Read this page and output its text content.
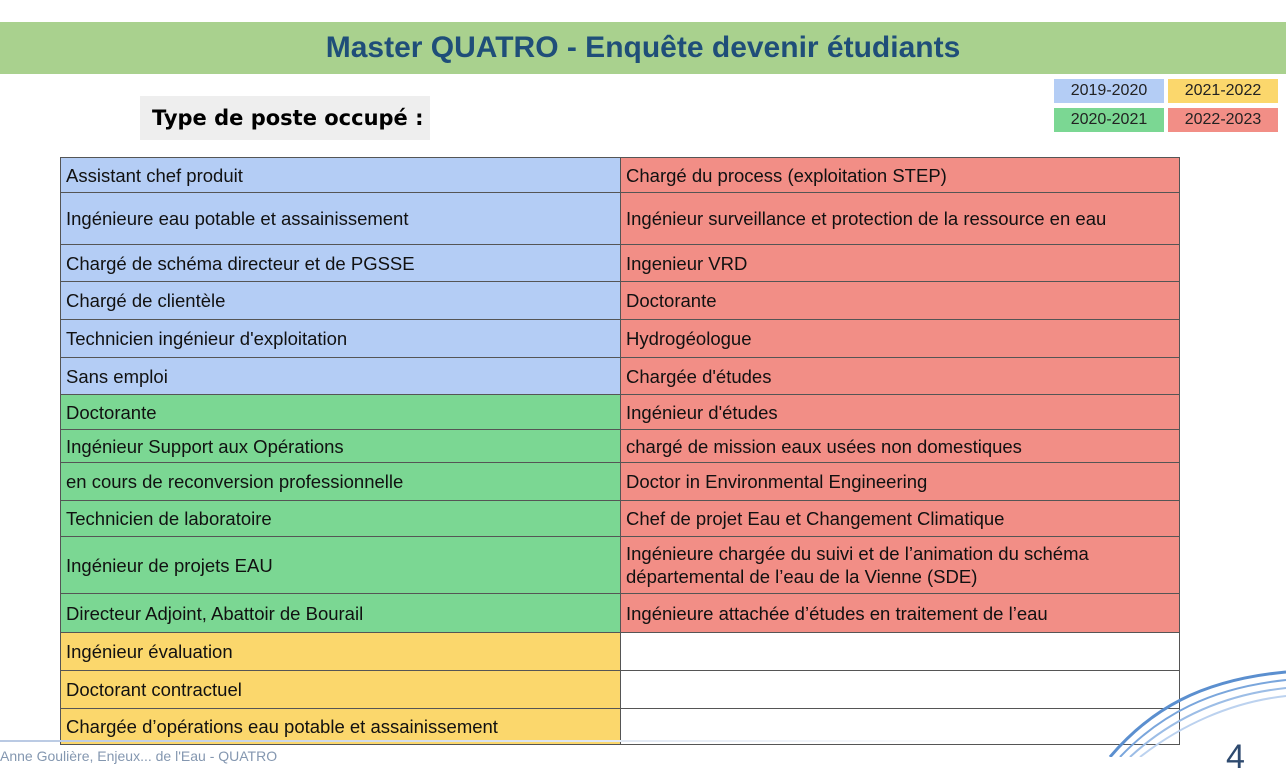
Master QUATRO - Enquête devenir étudiants
Type de poste occupé :
2019-2020	2021-2022
2020-2021	2022-2023
Assistant chef produit	Chargé du process (exploitation STEP)
Ingénieure eau potable et assainissement	Ingénieur surveillance et protection de la ressource en eau
Chargé de schéma directeur et de PGSSE	Ingenieur VRD
Chargé de clientèle	Doctorante
Technicien ingénieur d'exploitation	Hydrogéologue
Sans emploi	Chargée d'études
Doctorante	Ingénieur d'études
Ingénieur Support aux Opérations	chargé de mission eaux usées non domestiques
en cours de reconversion professionnelle	Doctor in Environmental Engineering
Technicien de laboratoire	Chef de projet Eau et Changement Climatique
Ingénieur de projets EAU	Ingénieure chargée du suivi et de l’animation du schéma départemental de l’eau de la Vienne (SDE)
Directeur Adjoint, Abattoir de Bourail	Ingénieure attachée d’études en traitement de l’eau
Ingénieur évaluation	
Doctorant contractuel	
Chargée d’opérations eau potable et assainissement	
Anne Goulière, Enjeux... de l'Eau - QUATRO	4
